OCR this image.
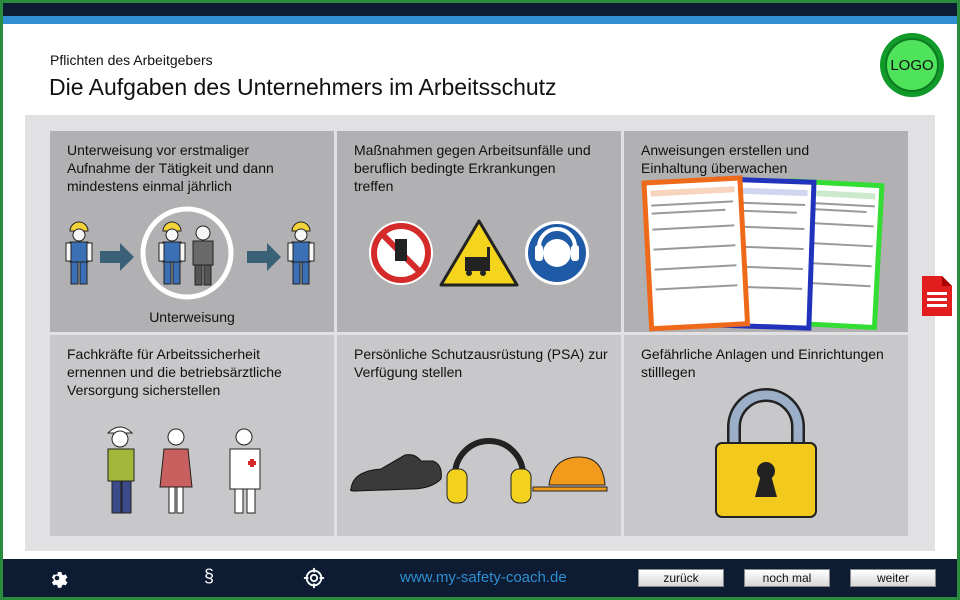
Pflichten des Arbeitgebers
Die Aufgaben des Unternehmers im Arbeitsschutz
LOGO
Unterweisung vor erstmaliger
Aufnahme der Tätigkeit und dann
mindestens einmal jährlich
Unterweisung
Maßnahmen gegen Arbeitsunfälle und
beruflich bedingte Erkrankungen
treffen
Anweisungen erstellen und
Einhaltung überwachen
Fachkräfte für Arbeitssicherheit
ernennen und die betriebsärztliche
Versorgung sicherstellen
Persönliche Schutzausrüstung (PSA) zur
Verfügung stellen
Gefährliche Anlagen und Einrichtungen
stilllegen
§	www.my-safety-coach.de	zurück	noch mal	weiter
